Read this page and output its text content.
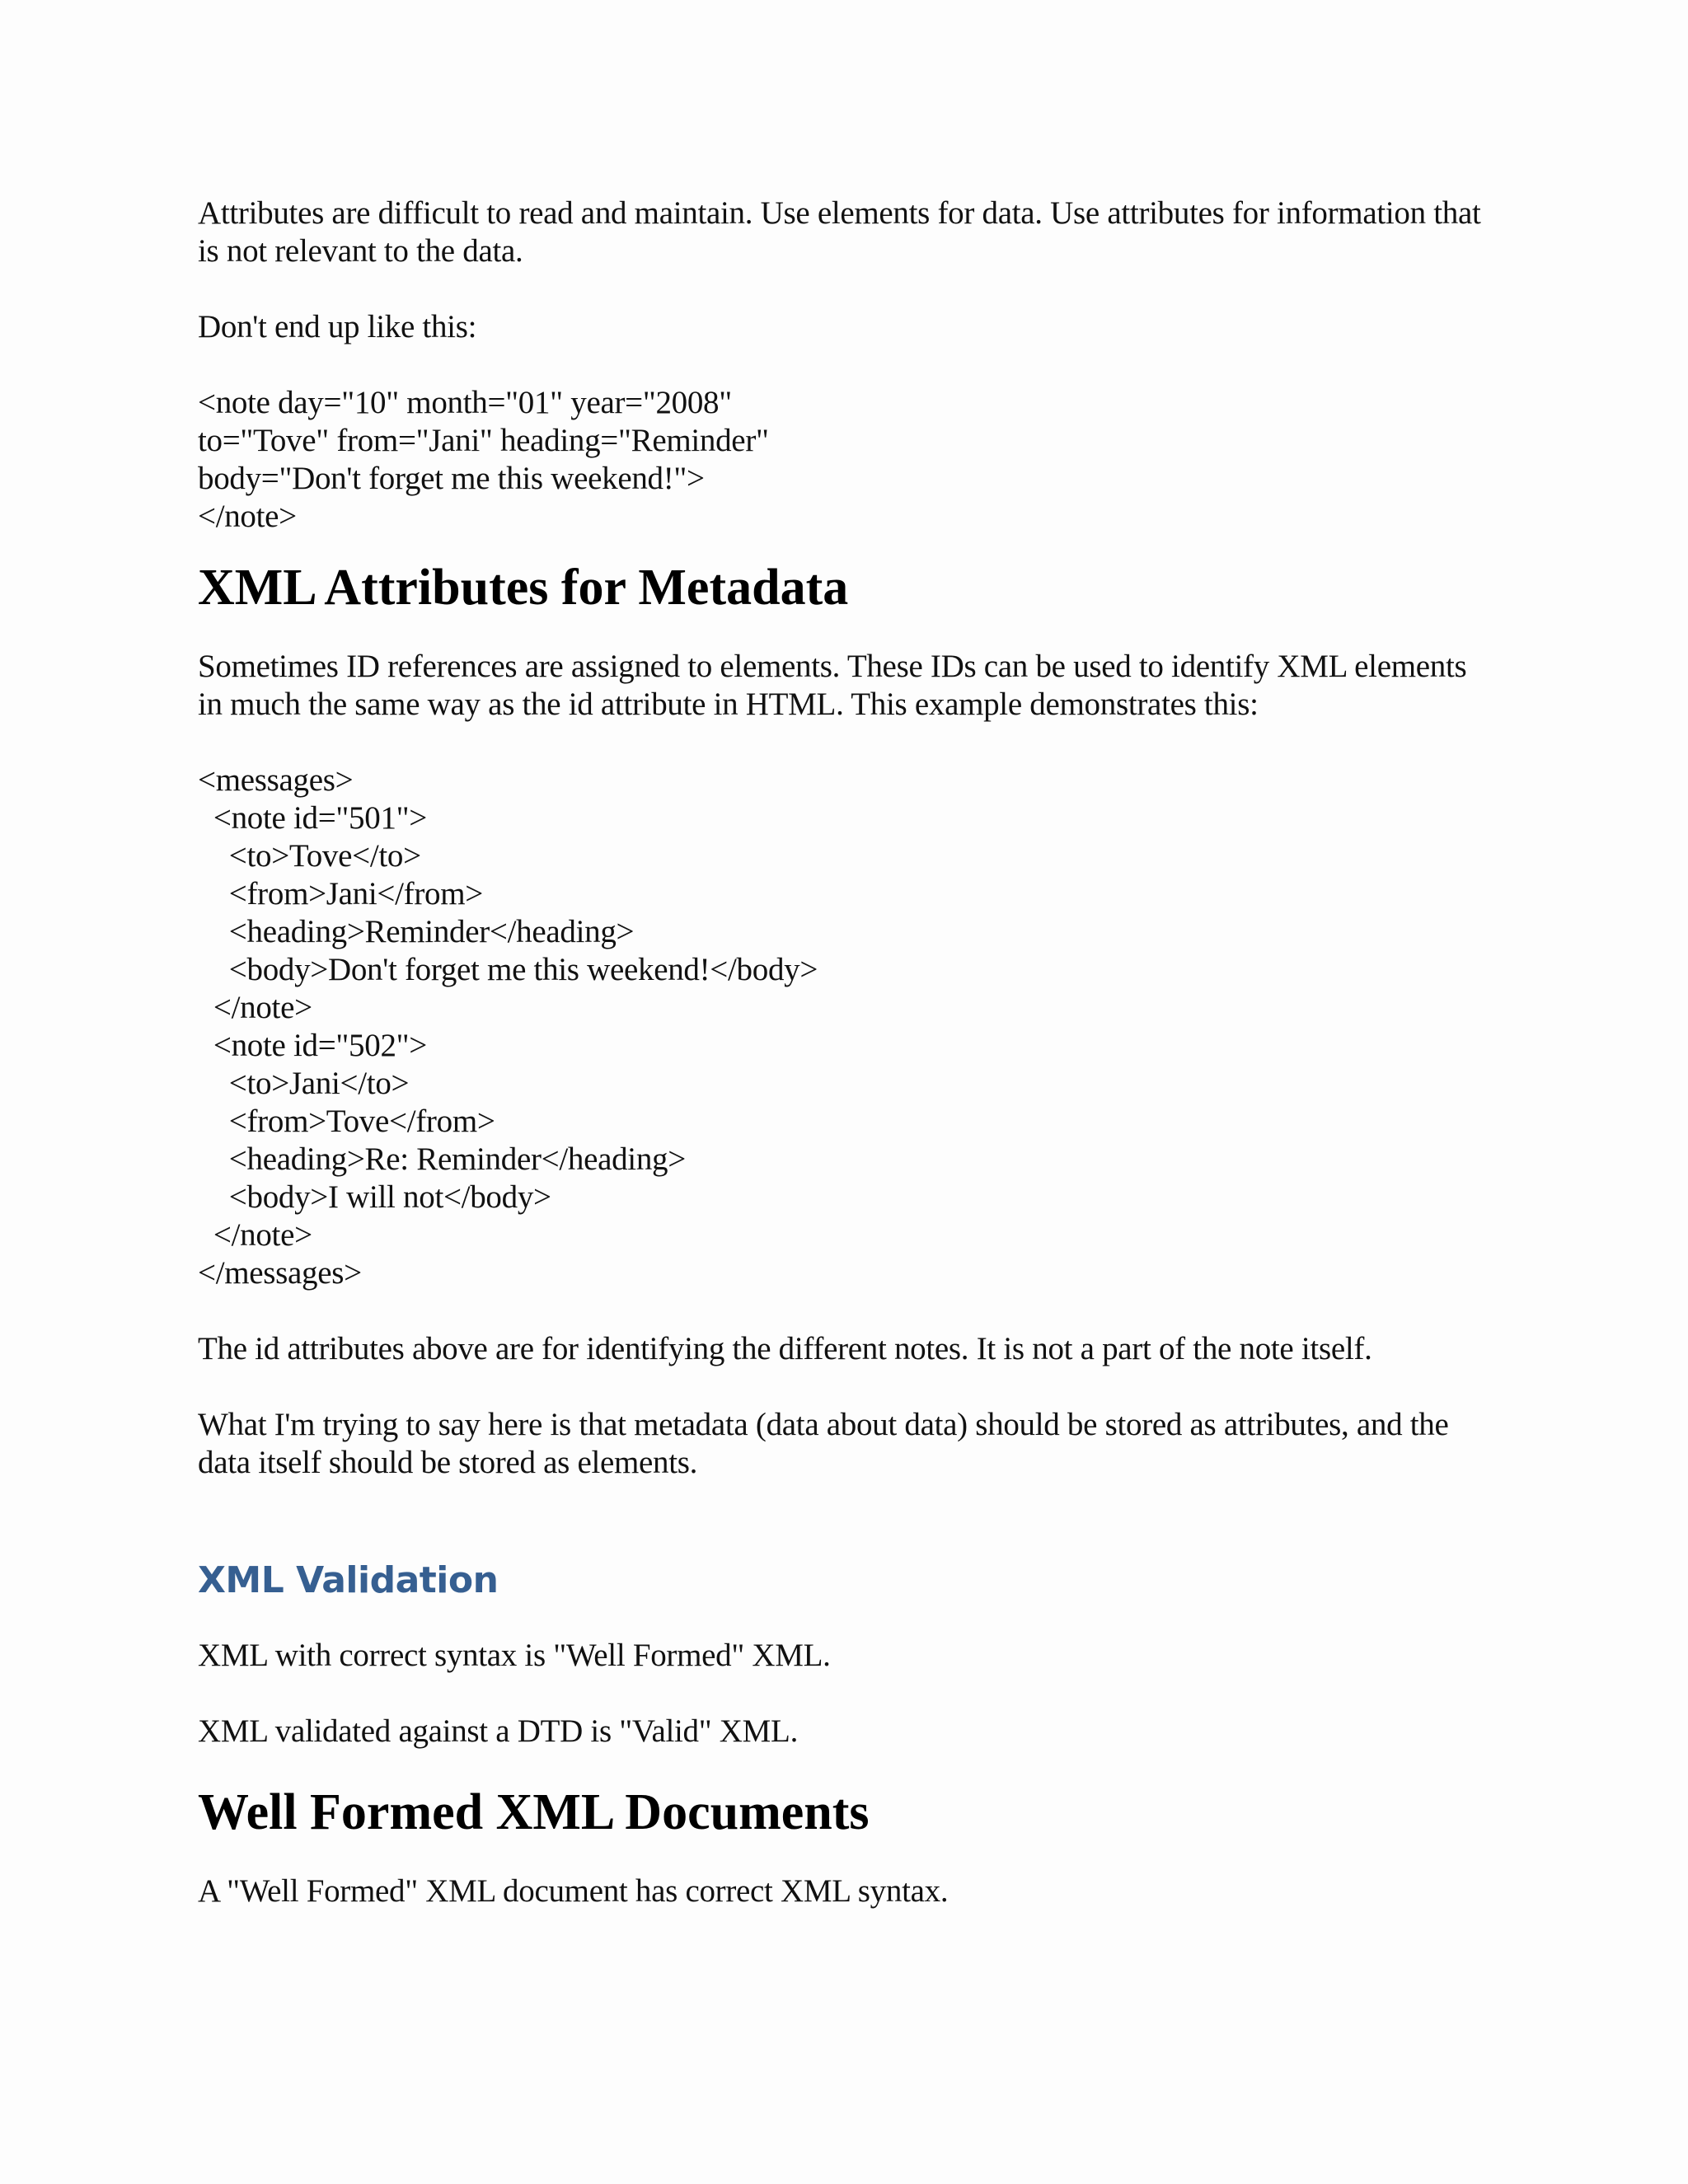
Attributes are difficult to read and maintain. Use elements for data. Use attributes for information that is not relevant to the data.

Don't end up like this:

<note day="10" month="01" year="2008"
to="Tove" from="Jani" heading="Reminder"
body="Don't forget me this weekend!">
</note>
XML Attributes for Metadata

Sometimes ID references are assigned to elements. These IDs can be used to identify XML elements in much the same way as the id attribute in HTML. This example demonstrates this:

<messages>
<note id="501">
<to>Tove</to>
<from>Jani</from>
<heading>Reminder</heading>
<body>Don't forget me this weekend!</body>
</note>
<note id="502">
<to>Jani</to>
<from>Tove</from>
<heading>Re: Reminder</heading>
<body>I will not</body>
</note>
</messages>

The id attributes above are for identifying the different notes. It is not a part of the note itself.

What I'm trying to say here is that metadata (data about data) should be stored as attributes, and the data itself should be stored as elements.

XML Validation

XML with correct syntax is "Well Formed" XML.

XML validated against a DTD is "Valid" XML.

Well Formed XML Documents

A "Well Formed" XML document has correct XML syntax.
